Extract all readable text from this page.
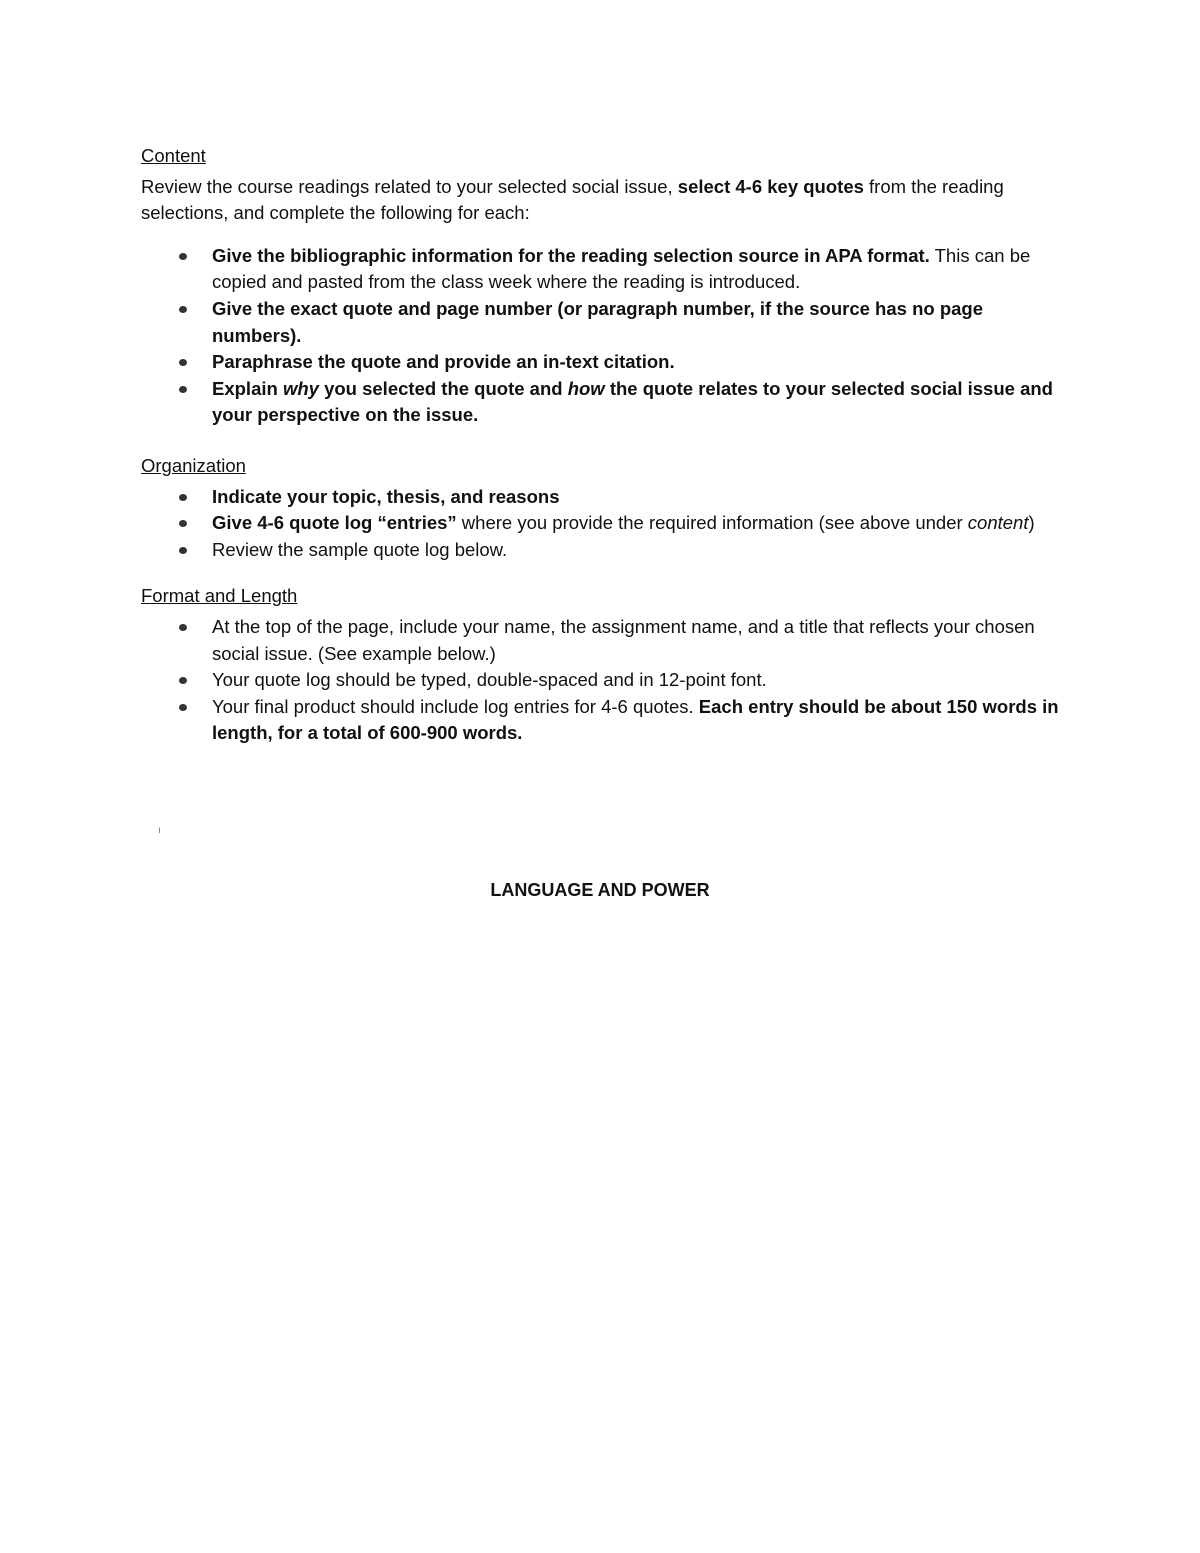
Content

Review the course readings related to your selected social issue, select 4-6 key quotes from the reading selections, and complete the following for each:

Give the bibliographic information for the reading selection source in APA format. This can be copied and pasted from the class week where the reading is introduced.
Give the exact quote and page number (or paragraph number, if the source has no page numbers).
Paraphrase the quote and provide an in-text citation.
Explain why you selected the quote and how the quote relates to your selected social issue and your perspective on the issue.

Organization

Indicate your topic, thesis, and reasons
Give 4-6 quote log “entries” where you provide the required information (see above under content)
Review the sample quote log below.

Format and Length

At the top of the page, include your name, the assignment name, and a title that reflects your chosen social issue. (See example below.)
Your quote log should be typed, double-spaced and in 12-point font.
Your final product should include log entries for 4-6 quotes. Each entry should be about 150 words in length, for a total of 600-900 words.
ı
LANGUAGE AND POWER
